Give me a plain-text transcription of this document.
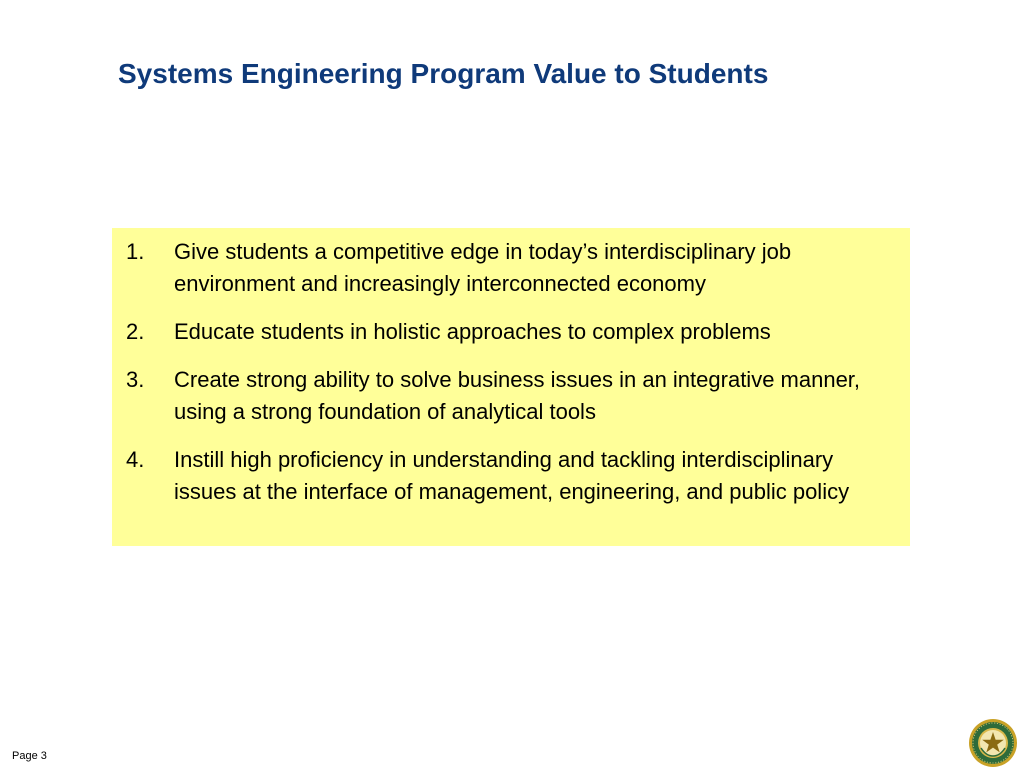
Systems Engineering Program Value to Students
1.	Give students a competitive edge in today’s interdisciplinary job environment and increasingly interconnected economy
2.	Educate students in holistic approaches to complex problems
3.	Create strong ability to solve business issues in an integrative manner, using a strong foundation of analytical tools
4.	Instill high proficiency in understanding and tackling interdisciplinary issues at the interface of management, engineering, and public policy
Page 3
